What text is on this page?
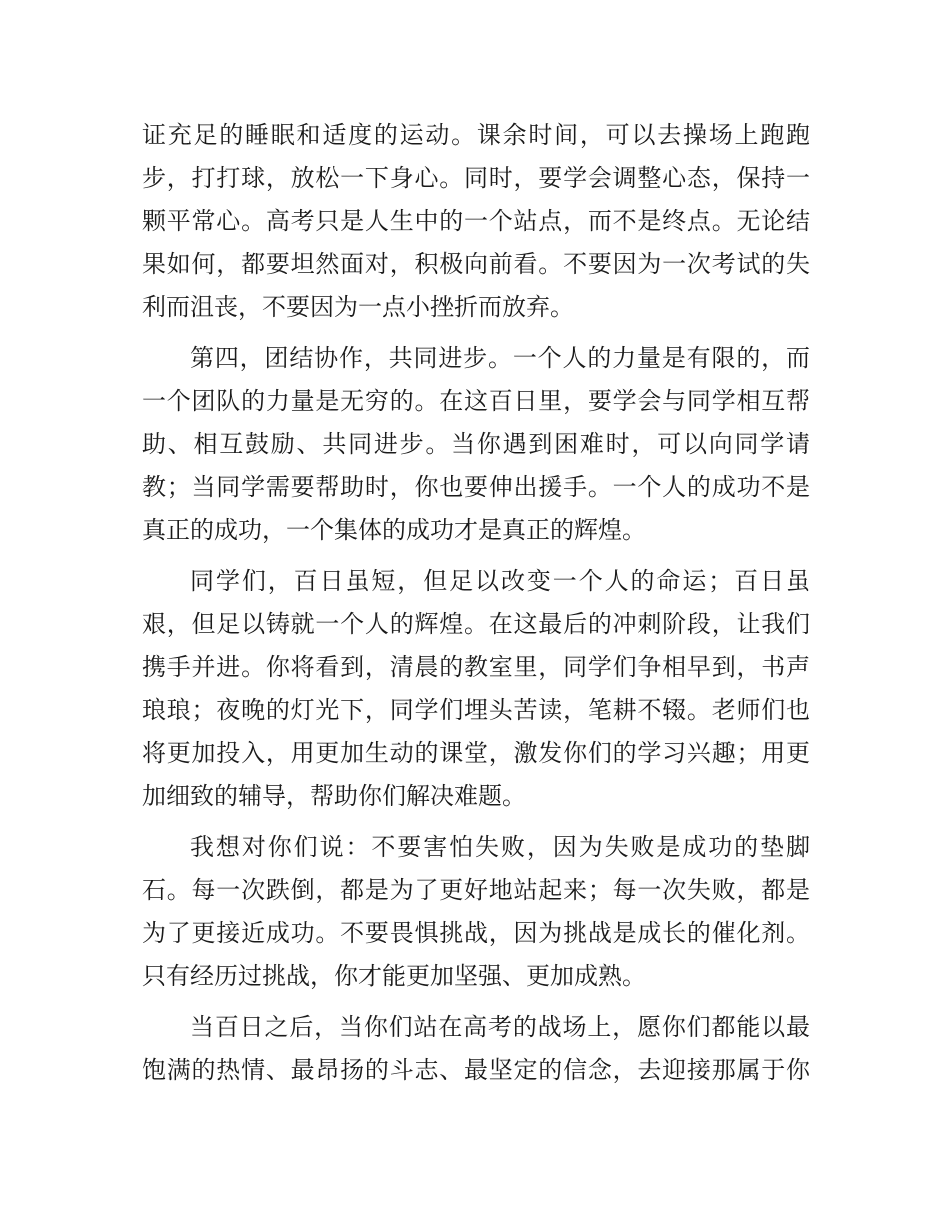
证充足的睡眠和适度的运动。课余时间，可以去操场上跑跑
步，打打球，放松一下身心。同时，要学会调整心态，保持一
颗平常心。高考只是人生中的一个站点，而不是终点。无论结
果如何，都要坦然面对，积极向前看。不要因为一次考试的失
利而沮丧，不要因为一点小挫折而放弃。
第四，团结协作，共同进步。一个人的力量是有限的，而
一个团队的力量是无穷的。在这百日里，要学会与同学相互帮
助、相互鼓励、共同进步。当你遇到困难时，可以向同学请
教；当同学需要帮助时，你也要伸出援手。一个人的成功不是
真正的成功，一个集体的成功才是真正的辉煌。
同学们，百日虽短，但足以改变一个人的命运；百日虽
艰，但足以铸就一个人的辉煌。在这最后的冲刺阶段，让我们
携手并进。你将看到，清晨的教室里，同学们争相早到，书声
琅琅；夜晚的灯光下，同学们埋头苦读，笔耕不辍。老师们也
将更加投入，用更加生动的课堂，激发你们的学习兴趣；用更
加细致的辅导，帮助你们解决难题。
我想对你们说：不要害怕失败，因为失败是成功的垫脚
石。每一次跌倒，都是为了更好地站起来；每一次失败，都是
为了更接近成功。不要畏惧挑战，因为挑战是成长的催化剂。
只有经历过挑战，你才能更加坚强、更加成熟。
当百日之后，当你们站在高考的战场上，愿你们都能以最
饱满的热情、最昂扬的斗志、最坚定的信念，去迎接那属于你
